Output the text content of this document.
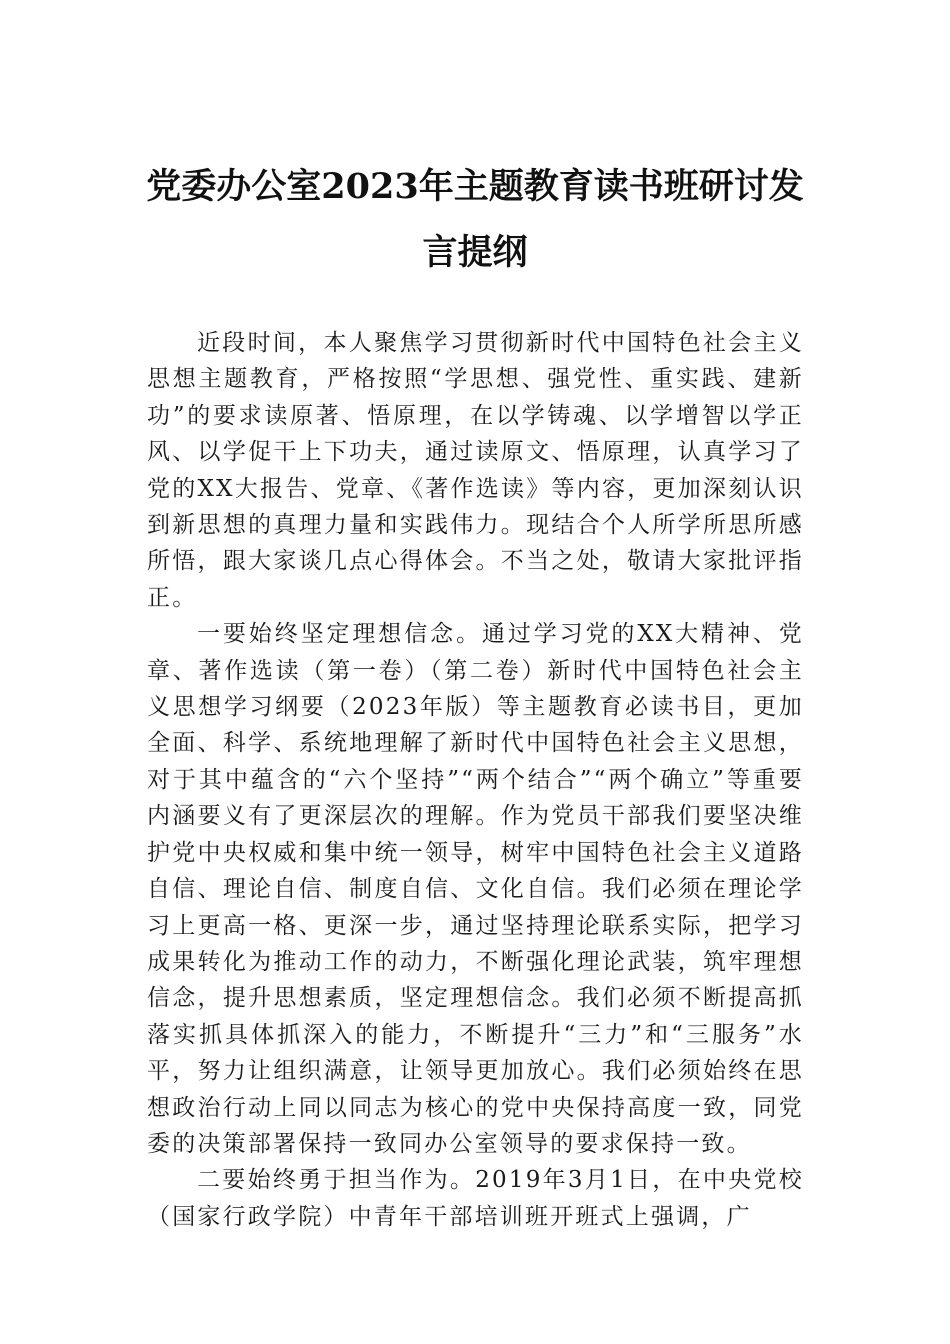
党委办公室2023年主题教育读书班研讨发言提纲

近段时间，本人聚焦学习贯彻新时代中国特色社会主义思想主题教育，严格按照“学思想、强党性、重实践、建新功”的要求读原著、悟原理，在以学铸魂、以学增智以学正风、以学促干上下功夫，通过读原文、悟原理，认真学习了党的XX大报告、党章、《著作选读》等内容，更加深刻认识到新思想的真理力量和实践伟力。现结合个人所学所思所感所悟，跟大家谈几点心得体会。不当之处，敬请大家批评指正。

一要始终坚定理想信念。通过学习党的XX大精神、党章、著作选读（第一卷）（第二卷）新时代中国特色社会主义思想学习纲要（2023年版）等主题教育必读书目，更加全面、科学、系统地理解了新时代中国特色社会主义思想，对于其中蕴含的“六个坚持”“两个结合”“两个确立”等重要内涵要义有了更深层次的理解。作为党员干部我们要坚决维护党中央权威和集中统一领导，树牢中国特色社会主义道路自信、理论自信、制度自信、文化自信。我们必须在理论学习上更高一格、更深一步，通过坚持理论联系实际，把学习成果转化为推动工作的动力，不断强化理论武装，筑牢理想信念，提升思想素质，坚定理想信念。我们必须不断提高抓落实抓具体抓深入的能力，不断提升“三力”和“三服务”水平，努力让组织满意，让领导更加放心。我们必须始终在思想政治行动上同以同志为核心的党中央保持高度一致，同党委的决策部署保持一致同办公室领导的要求保持一致。

二要始终勇于担当作为。2019年3月1日，在中央党校（国家行政学院）中青年干部培训班开班式上强调，广
